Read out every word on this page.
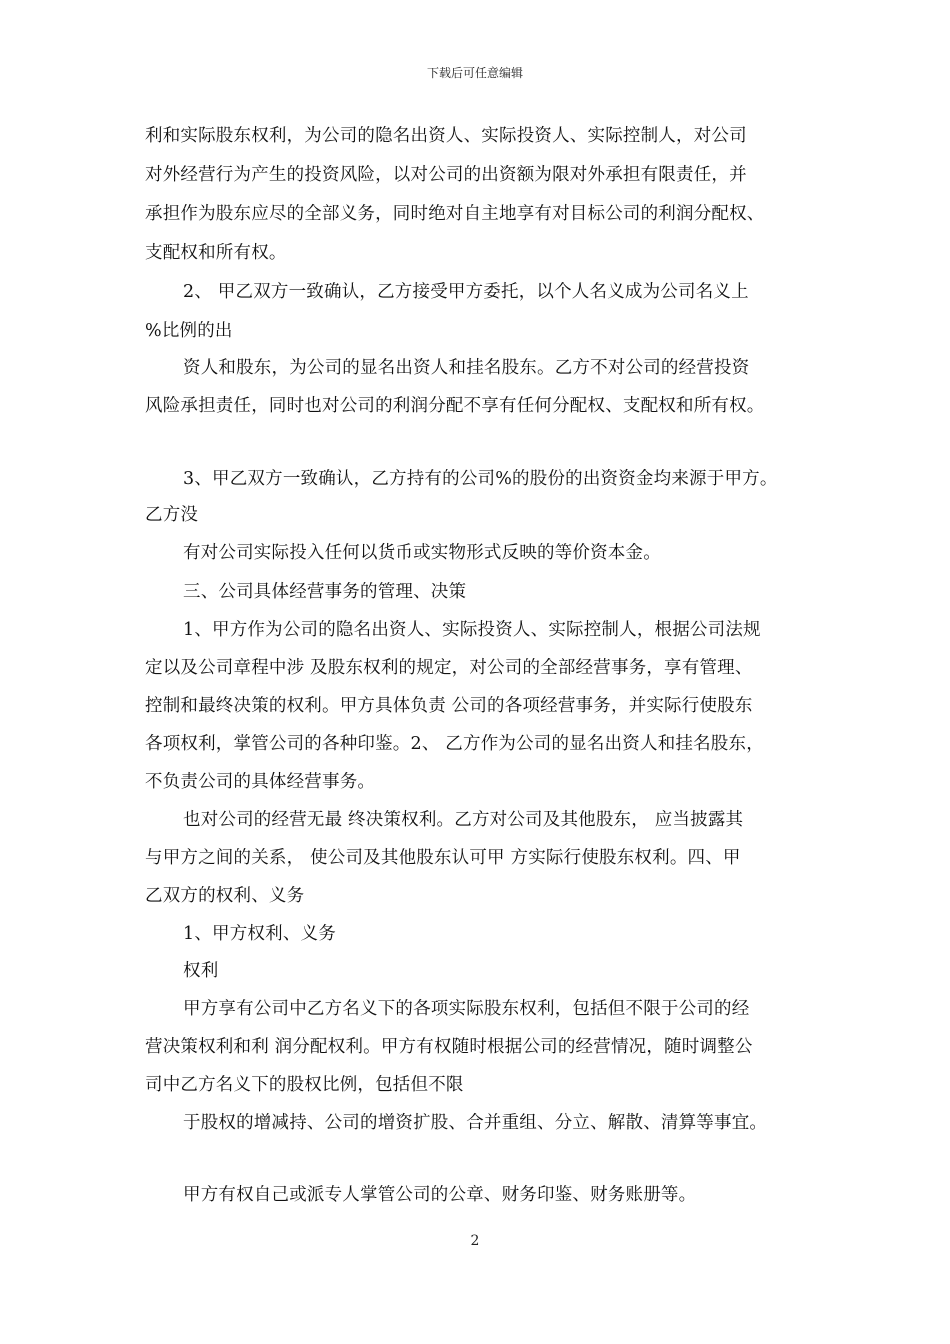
下载后可任意编辑
利和实际股东权利，为公司的隐名出资人、实际投资人、实际控制人，对公司
对外经营行为产生的投资风险，以对公司的出资额为限对外承担有限责任，并
承担作为股东应尽的全部义务，同时绝对自主地享有对目标公司的利润分配权、
支配权和所有权。
2、 甲乙双方一致确认，乙方接受甲方委托，以个人名义成为公司名义上
%比例的出
资人和股东，为公司的显名出资人和挂名股东。乙方不对公司的经营投资
风险承担责任，同时也对公司的利润分配不享有任何分配权、支配权和所有权。
3、甲乙双方一致确认，乙方持有的公司%的股份的出资资金均来源于甲方。
乙方没
有对公司实际投入任何以货币或实物形式反映的等价资本金。
三、公司具体经营事务的管理、决策
1、甲方作为公司的隐名出资人、实际投资人、实际控制人，根据公司法规
定以及公司章程中涉 及股东权利的规定，对公司的全部经营事务，享有管理、
控制和最终决策的权利。甲方具体负责 公司的各项经营事务，并实际行使股东
各项权利，掌管公司的各种印鉴。2、 乙方作为公司的显名出资人和挂名股东，
不负责公司的具体经营事务。
也对公司的经营无最 终决策权利。乙方对公司及其他股东， 应当披露其
与甲方之间的关系， 使公司及其他股东认可甲 方实际行使股东权利。四、甲
乙双方的权利、义务
1、甲方权利、义务
权利
甲方享有公司中乙方名义下的各项实际股东权利，包括但不限于公司的经
营决策权利和利 润分配权利。甲方有权随时根据公司的经营情况，随时调整公
司中乙方名义下的股权比例，包括但不限
于股权的增减持、公司的增资扩股、合并重组、分立、解散、清算等事宜。
甲方有权自己或派专人掌管公司的公章、财务印鉴、财务账册等。
2
